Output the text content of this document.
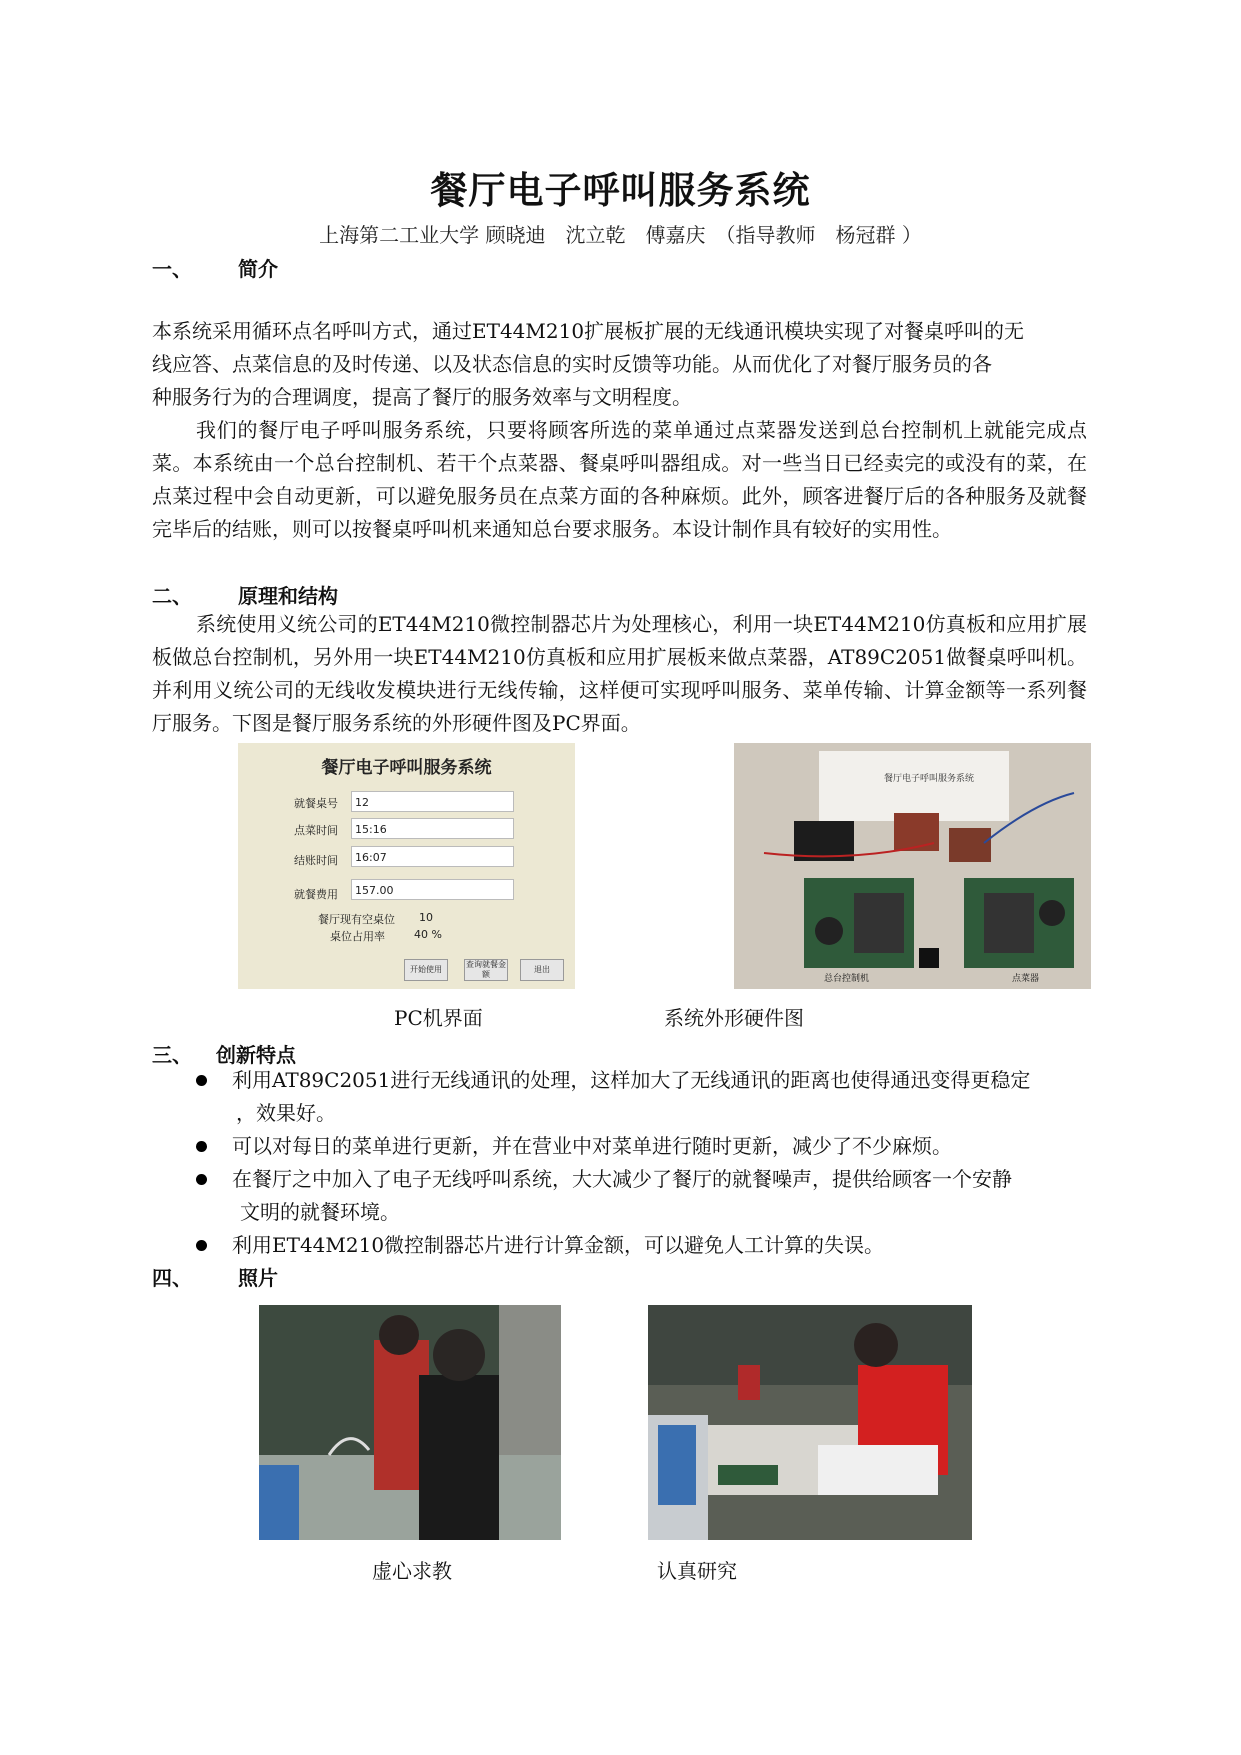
餐厅电子呼叫服务系统
上海第二工业大学 顾晓迪　沈立乾　傅嘉庆　（指导教师　杨冠群 ）
一、 简介
本系统采用循环点名呼叫方式，通过ET44M210扩展板扩展的无线通讯模块实现了对餐桌呼叫的无
线应答、点菜信息的及时传递、以及状态信息的实时反馈等功能。从而优化了对餐厅服务员的各
种服务行为的合理调度，提高了餐厅的服务效率与文明程度。
我们的餐厅电子呼叫服务系统，只要将顾客所选的菜单通过点菜器发送到总台控制机上就能完成点菜。本系统由一个总台控制机、若干个点菜器、餐桌呼叫器组成。对一些当日已经卖完的或没有的菜，在点菜过程中会自动更新，可以避免服务员在点菜方面的各种麻烦。此外，顾客进餐厅后的各种服务及就餐完毕后的结账，则可以按餐桌呼叫机来通知总台要求服务。本设计制作具有较好的实用性。
二、 原理和结构
系统使用义统公司的ET44M210微控制器芯片为处理核心，利用一块ET44M210仿真板和应用扩展板做总台控制机，另外用一块ET44M210仿真板和应用扩展板来做点菜器，AT89C2051做餐桌呼叫机。并利用义统公司的无线收发模块进行无线传输，这样便可实现呼叫服务、菜单传输、计算金额等一系列餐厅服务。下图是餐厅服务系统的外形硬件图及PC界面。
餐厅电子呼叫服务系统
就餐桌号	12
点菜时间	15:16
结账时间	16:07
就餐费用	157.00
餐厅现有空桌位 10
桌位占用率	40 %
开始使用
查询就餐金额
退出
餐厅电子呼叫服务系统
总台控制机	点菜器
PC机界面	系统外形硬件图
三、 创新特点
利用AT89C2051进行无线通讯的处理，这样加大了无线通讯的距离也使得通迅变得更稳定
，效果好。
可以对每日的菜单进行更新，并在营业中对菜单进行随时更新，减少了不少麻烦。
在餐厅之中加入了电子无线呼叫系统，大大减少了餐厅的就餐噪声，提供给顾客一个安静
文明的就餐环境。
利用ET44M210微控制器芯片进行计算金额，可以避免人工计算的失误。
四、 照片
虚心求教	认真研究
